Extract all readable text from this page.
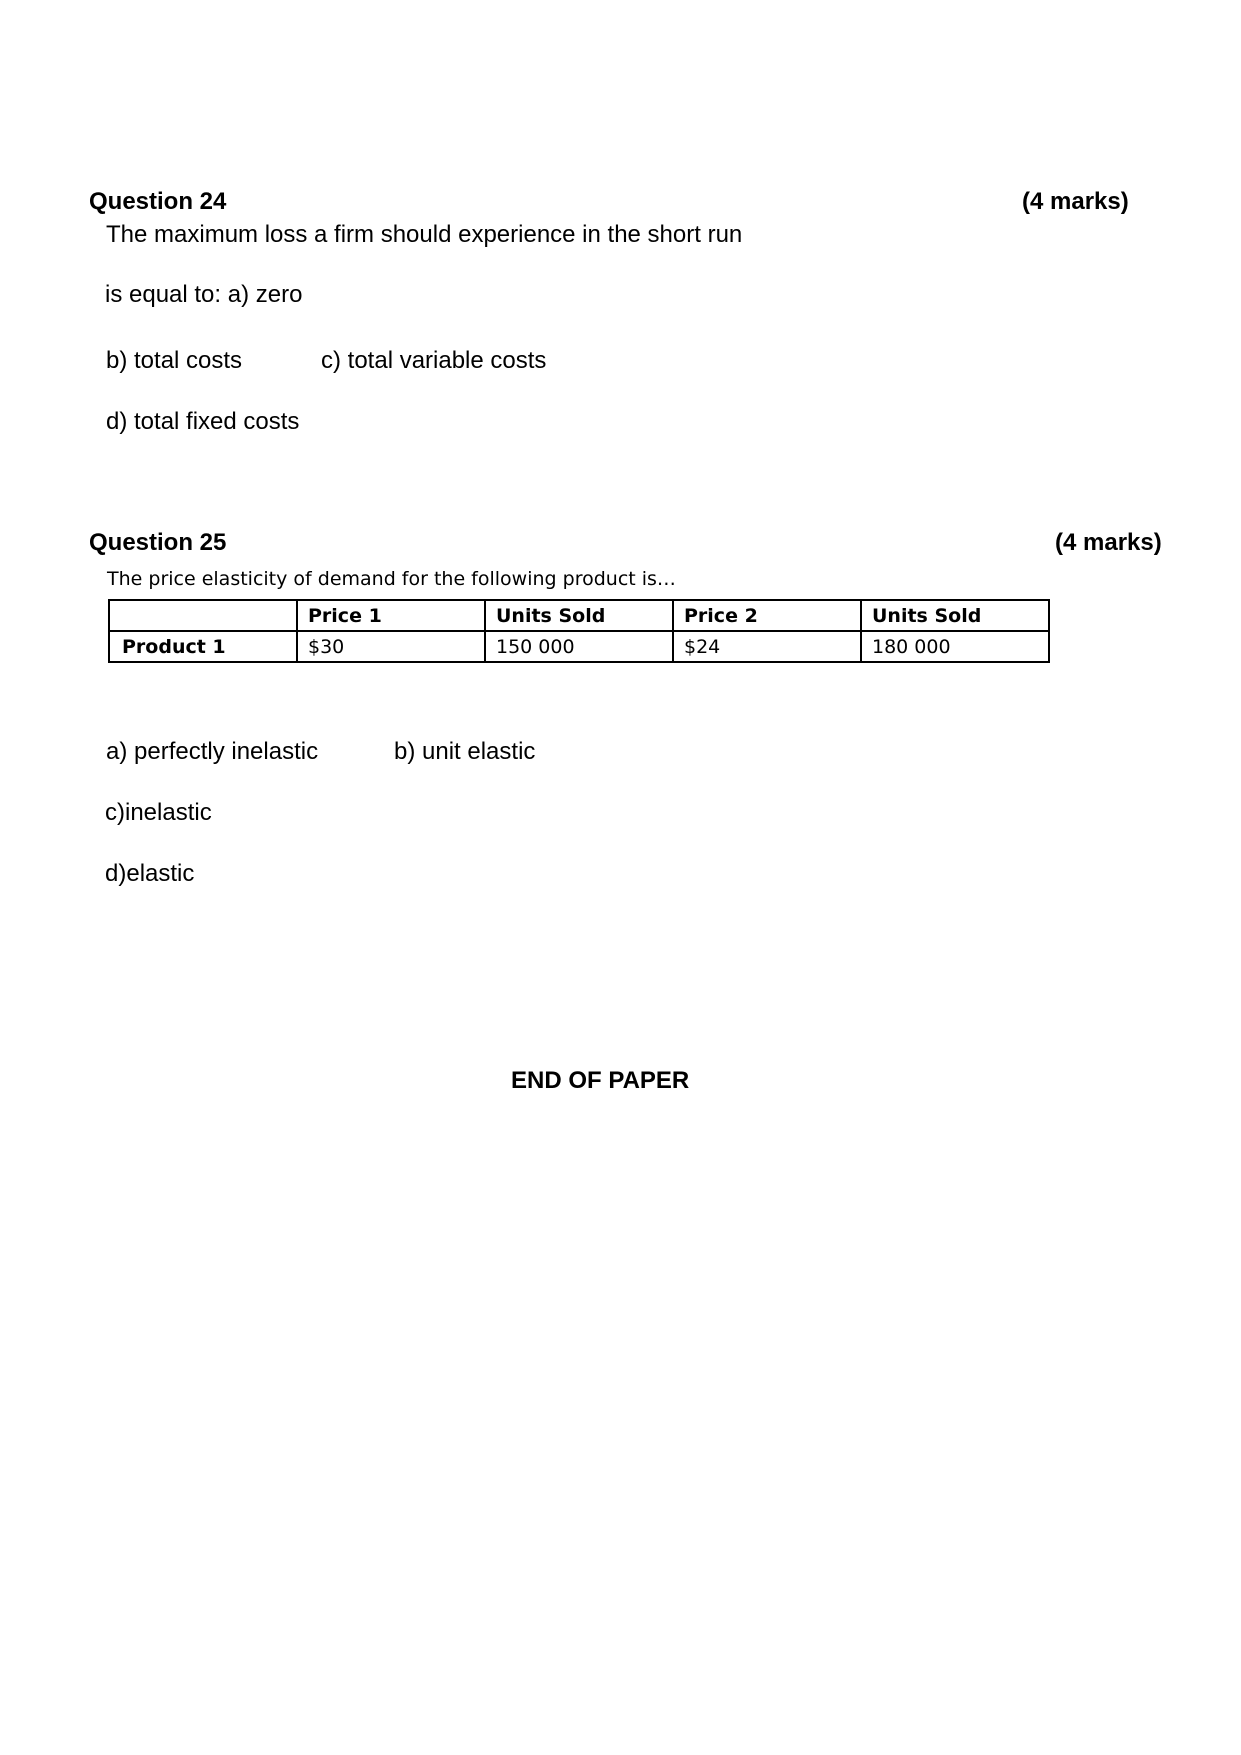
Question 24	(4 marks)
The maximum loss a firm should experience in the short run
is equal to: a) zero
b) total costs	c) total variable costs
d) total fixed costs
Question 25	(4 marks)
The price elasticity of demand for the following product is…
	Price 1	Units Sold	Price 2	Units Sold
Product 1	$30	150 000	$24	180 000
a) perfectly inelastic	b) unit elastic
c)inelastic
d)elastic
END OF PAPER
